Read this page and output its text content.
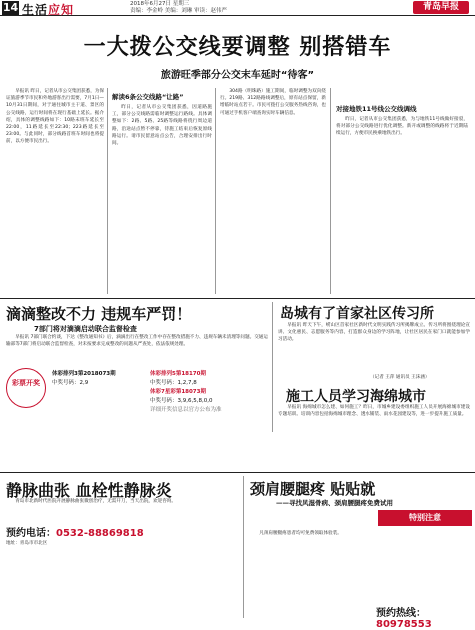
14 生活应知	2018年6月27日 星期三
责编：李金岭 美编：刘琳 审读：赵伟严	青岛早报
一大拨公交线要调整 别搭错车
旅游旺季部分公交末车延时“待客”

早报讯 昨日，记者从市公交集团获悉，为保证旅游季节市民和外地游客出行需要，7月1日—10月31日期间，对于通往城市主干道、景区的公交线路，运行时间将在现行基础上延长。据介绍，具体的调整线路如下：10路末班车延长至22:00，11路延长至22:30；223路延长至23:00。与此同时，部分线路首班车时间也将提前，以方便市民出行。

解读6条公交线路“让路”

昨日，记者从市公交集团获悉，因道路施工，部分公交线路需临时调整运行路线。具体调整如下：2路、5路、25路等线路将绕行周边道路，沿途站点暂不停靠，待施工结束后恢复原线路运行。请市民留意站点公告，合理安排出行时间。

304路（明珠路）施工期间，临时调整为双向绕行。219路、312路路线调整后，原有站点保留，新增临时站点若干。市民可拨打公交服务热线咨询，也可通过手机客户端查询实时车辆信息。

对接地铁11号线公交线调线

昨日，记者从市公交集团获悉，为与地铁11号线做好接驳，将对部分公交线路进行优化调整。新开或调整的线路将于近期陆续运行，方便市民换乘地铁出行。

滴滴整改不力 违规车严罚！
7部门将对滴滴启动联合监督检查

早报讯 7部门联合约谈，下达《整改通知书》后，滴滴出行在整改工作中存在整改措施不力、违规车辆未清理等问题。交通运输部等7部门将启动联合监督检查，对未按要求完成整改的问题从严查处，依法依规处理。

岛城有了首家社区传习所

早报讯 昨天下午，崂山区首家社区新时代文明实践传习所揭牌成立。传习所将围绕理论宣讲、文化惠民、志愿服务等内容，打造群众身边的学习阵地，让社区居民在家门口就能参加学习活动。

（记者 王萍 通讯员 王沫涵）
彩票开奖
体彩排列3第2018073期
中奖号码：2,9
体彩排列5第18170期
中奖号码：1,2,7,8
体彩7星彩第18073期
中奖号码：3,9,6,5,8,0,0
详细开奖信息以官方公布为准
施工人员学习海绵城市

早报讯 海绵城市怎么建、如何施工？昨日，市城乡建设委组织施工人员开展海绵城市建设专题培训。培训内容包括海绵城市理念、透水铺装、雨水花园建设等，进一步提升施工质量。

静脉曲张 血栓性静脉炎

青岛市北新时代医院开展静脉曲张微创治疗，无需开刀，当天出院，欢迎咨询。

预约电话：0532-88869818
地址：青岛市市北区
颈肩腰腿疼 贴贴就
——寻找风湿骨病、颈肩腰腿疼免费试用
特别注意

凡颈肩腰腿疼患者均可免费领取体验装。

预约热线：80978553
